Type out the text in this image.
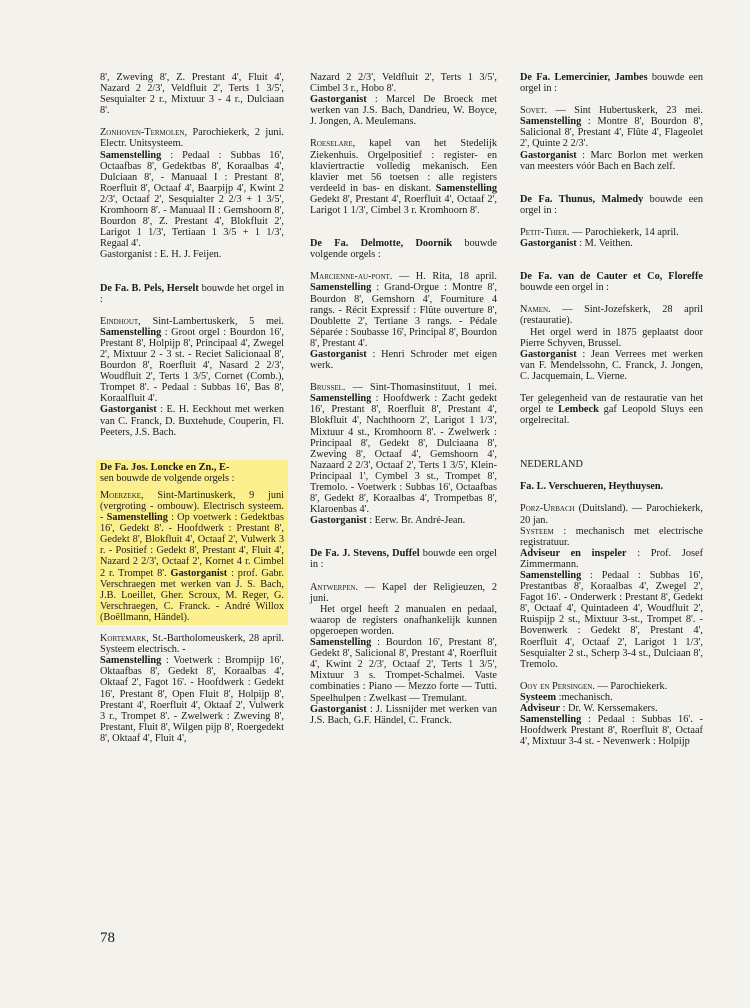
8', Zweving 8', Z. Prestant 4', Fluit 4', Nazard 2 2/3', Veldfluit 2', Terts 1 3/5', Sesquialter 2 r., Mixtuur 3 - 4 r., Dulciaan 8'.
Zonhoven-Termolen, Parochiekerk, 2 juni. Electr. Unitsysteem.
Samenstelling : Pedaal : Subbas 16', Octaafbas 8', Gedektbas 8', Koraalbas 4', Dulciaan 8', - Manuaal I : Prestant 8', Roerfluit 8', Octaaf 4', Baarpijp 4', Kwint 2 2/3', Octaaf 2', Sesquialter 2 2/3 + 1 3/5', Kromhoorn 8'. - Manuaal II : Gemshoorn 8', Bourdon 8', Z. Prestant 4', Blokfluit 2', Larigot 1 1/3', Tertiaan 1 3/5 + 1 1/3', Regaal 4'.
Gastorganist : E. H. J. Feijen.
De Fa. B. Pels, Herselt bouwde het orgel in :
Eindhout, Sint-Lambertuskerk, 5 mei. Samenstelling : Groot orgel : Bourdon 16', Prestant 8', Holpijp 8', Principaal 4', Zwegel 2', Mixtuur 2 - 3 st. - Reciet Salicionaal 8', Bourdon 8', Roerfluit 4', Nasard 2 2/3', Woudfluit 2', Terts 1 3/5', Cornet (Comb.), Trompet 8'. - Pedaal : Subbas 16', Bas 8', Koraalfluit 4'.
Gastorganist : E. H. Eeckhout met werken van C. Franck, D. Buxtehude, Couperin, Fl. Peeters, J.S. Bach.
De Fa. Jos. Loncke en Zn., E-
sen bouwde de volgende orgels :
Moerzeke, Sint-Martinuskerk, 9 juni (vergroting - ombouw). Electrisch systeem. - Samenstelling : Op voetwerk : Gedektbas 16', Gedekt 8'. - Hoofdwerk : Prestant 8', Gedekt 8', Blokfluit 4', Octaaf 2', Vulwerk 3 r. - Positief : Gedekt 8', Prestant 4', Fluit 4', Nazard 2 2/3', Octaaf 2', Kornet 4 r. Cimbel 2 r. Trompet 8'. Gastorganist : prof. Gabr. Verschraegen met werken van J. S. Bach, J.B. Loeillet, Gher. Scroux, M. Reger, G. Verschraegen, C. Franck. - André Willox (Boëllmann, Händel).
Kortemark, St.-Bartholomeuskerk, 28 april. Systeem electrisch. -
Samenstelling : Voetwerk : Brompijp 16', Oktaafbas 8', Gedekt 8', Koraalbas 4', Oktaaf 2', Fagot 16'. - Hoofdwerk : Gedekt 16', Prestant 8', Open Fluit 8', Holpijp 8', Prestant 4', Roerfluit 4', Oktaaf 2', Vulwerk 3 r., Trompet 8'. - Zwelwerk : Zweving 8', Prestant, Fluit 8', Wilgen pijp 8', Roergedekt 8', Oktaaf 4', Fluit 4',
Nazard 2 2/3', Veldfluit 2', Terts 1 3/5', Cimbel 3 r., Hobo 8'.
Gastorganist : Marcel De Broeck met werken van J.S. Bach, Dandrieu, W. Boyce, J. Jongen, A. Meulemans.
Roeselare, kapel van het Stedelijk Ziekenhuis. Orgelpositief : register- en klaviertractie volledig mekanisch. Een klavier met 56 toetsen : alle registers verdeeld in bas- en diskant. Samenstelling Gedekt 8', Prestant 4', Roerfluit 4', Octaaf 2', Larigot 1 1/3', Cimbel 3 r. Kromhoorn 8'.
De Fa. Delmotte, Doornik bouwde volgende orgels :
Marcienne-au-pont. — H. Rita, 18 april. Samenstelling : Grand-Orgue : Montre 8', Bourdon 8', Gemshorn 4', Fourniture 4 rangs. - Récit Expressif : Flûte ouverture 8', Doublette 2', Tertiane 3 rangs. - Pédale Séparée : Soubasse 16', Principal 8', Bourdon 8', Prestant 4'.
Gastorganist : Henri Schroder met eigen werk.
Brussel. — Sint-Thomasinstituut, 1 mei. Samenstelling : Hoofdwerk : Zacht gedekt 16', Prestant 8', Roerfluit 8', Prestant 4', Blokfluit 4', Nachthoorn 2', Larigot 1 1/3', Mixtuur 4 st., Kromhoorn 8'. - Zwelwerk : Principaal 8', Gedekt 8', Dulciaana 8', Zweving 8', Octaaf 4', Gemshoorn 4', Nazaard 2 2/3', Octaaf 2', Terts 1 3/5', Klein-Principaal 1', Cymbel 3 st., Trompet 8', Tremolo. - Voetwerk : Subbas 16', Octaafbas 8', Gedekt 8', Koraalbas 4', Trompetbas 8', Klaroenbas 4'.
Gastorganist : Eerw. Br. André-Jean.
De Fa. J. Stevens, Duffel bouwde een orgel in :
Antwerpen. — Kapel der Religieuzen, 2 juni.
Het orgel heeft 2 manualen en pedaal, waarop de registers onafhankelijk kunnen opgeroepen worden.
Samenstelling : Bourdon 16', Prestant 8', Gedekt 8', Salicional 8', Prestant 4', Roerfluit 4', Kwint 2 2/3', Octaaf 2', Terts 1 3/5', Mixtuur 3 s. Trompet-Schalmei. Vaste combinaties : Piano — Mezzo forte — Tutti. Speelhulpen : Zwelkast — Tremulant.
Gastorganist : J. Lissnijder met werken van J.S. Bach, G.F. Händel, C. Franck.
De Fa. Lemercinier, Jambes bouwde een orgel in :
Sovet. — Sint Hubertuskerk, 23 mei. Samenstelling : Montre 8', Bourdon 8', Salicional 8', Prestant 4', Flûte 4', Flageolet 2', Quinte 2 2/3'.
Gastorganist : Marc Borlon met werken van meesters vóór Bach en Bach zelf.
De Fa. Thunus, Malmedy bouwde een orgel in :
Petit-Thier. — Parochiekerk, 14 april.
Gastorganist : M. Veithen.
De Fa. van de Cauter et Co, Floreffe bouwde een orgel in :
Namen. — Sint-Jozefskerk, 28 april (restauratie).
Het orgel werd in 1875 geplaatst door Pierre Schyven, Brussel.
Gastorganist : Jean Verrees met werken van F. Mendelssohn, C. Franck, J. Jongen, C. Jacquemain, L. Vierne.
Ter gelegenheid van de restauratie van het orgel te Lembeck gaf Leopold Sluys een orgelrecital.
NEDERLAND
Fa. L. Verschueren, Heythuysen.
Porz-Urbach (Duitsland). — Parochiekerk, 20 jan.
Systeem : mechanisch met electrische registratuur.
Adviseur en inspeler : Prof. Josef Zimmermann.
Samenstelling : Pedaal : Subbas 16', Prestantbas 8', Koraalbas 4', Zwegel 2', Fagot 16'. - Onderwerk : Prestant 8', Gedekt 8', Octaaf 4', Quintadeen 4', Woudfluit 2', Ruispijp 2 st., Mixtuur 3-st., Trompet 8'. - Bovenwerk : Gedekt 8', Prestant 4', Roerfluit 4', Octaaf 2', Larigot 1 1/3', Sesquialter 2 st., Scherp 3-4 st., Dulciaan 8', Tremolo.
Ooy en Persingen. — Parochiekerk.
Systeem :mechanisch.
Adviseur : Dr. W. Kerssemakers.
Samenstelling : Pedaal : Subbas 16'. - Hoofdwerk Prestant 8', Roerfluit 8', Octaaf 4', Mixtuur 3-4 st. - Nevenwerk : Holpijp
78
